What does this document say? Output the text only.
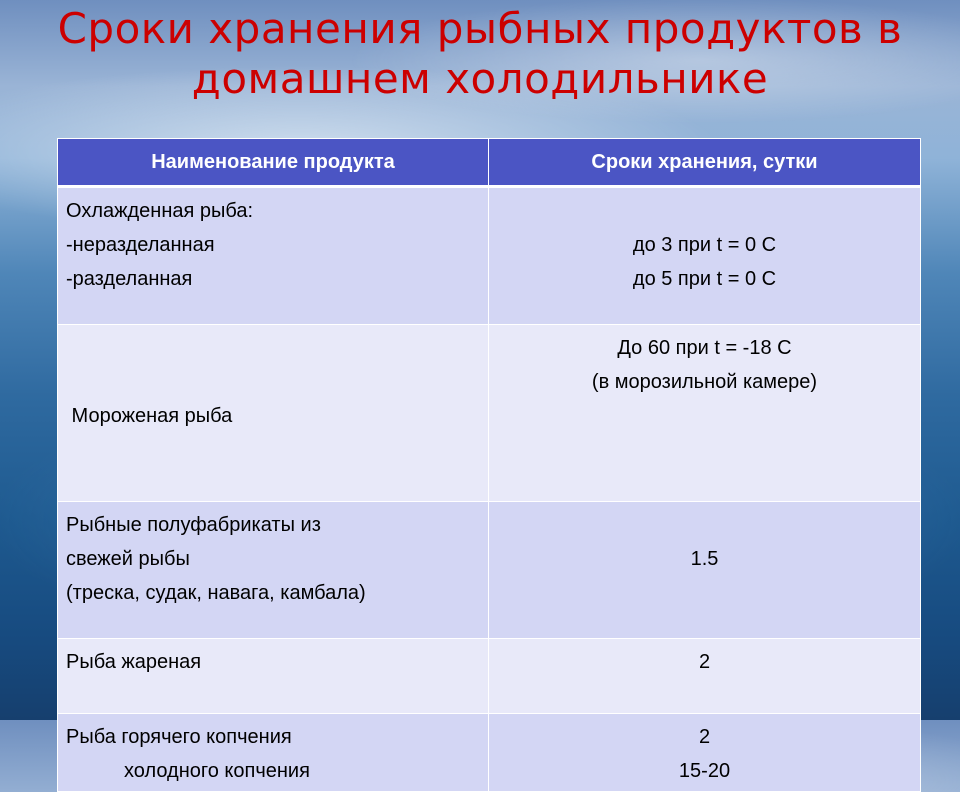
Сроки хранения рыбных продуктов в
домашнем холодильнике
Наименование продукта	Сроки хранения, сутки

Охлажденная рыба:
-неразделанная
-разделанная	до 3 при t = 0 С
до 5 при t = 0 С

Мороженая рыба	До 60 при t = -18 С
(в морозильной камере)

Рыбные полуфабрикаты из
свежей рыбы
(треска, судак, навага, камбала)	1.5

Рыба жареная	2

Рыба горячего копчения
холодного копчения	2
15-20
